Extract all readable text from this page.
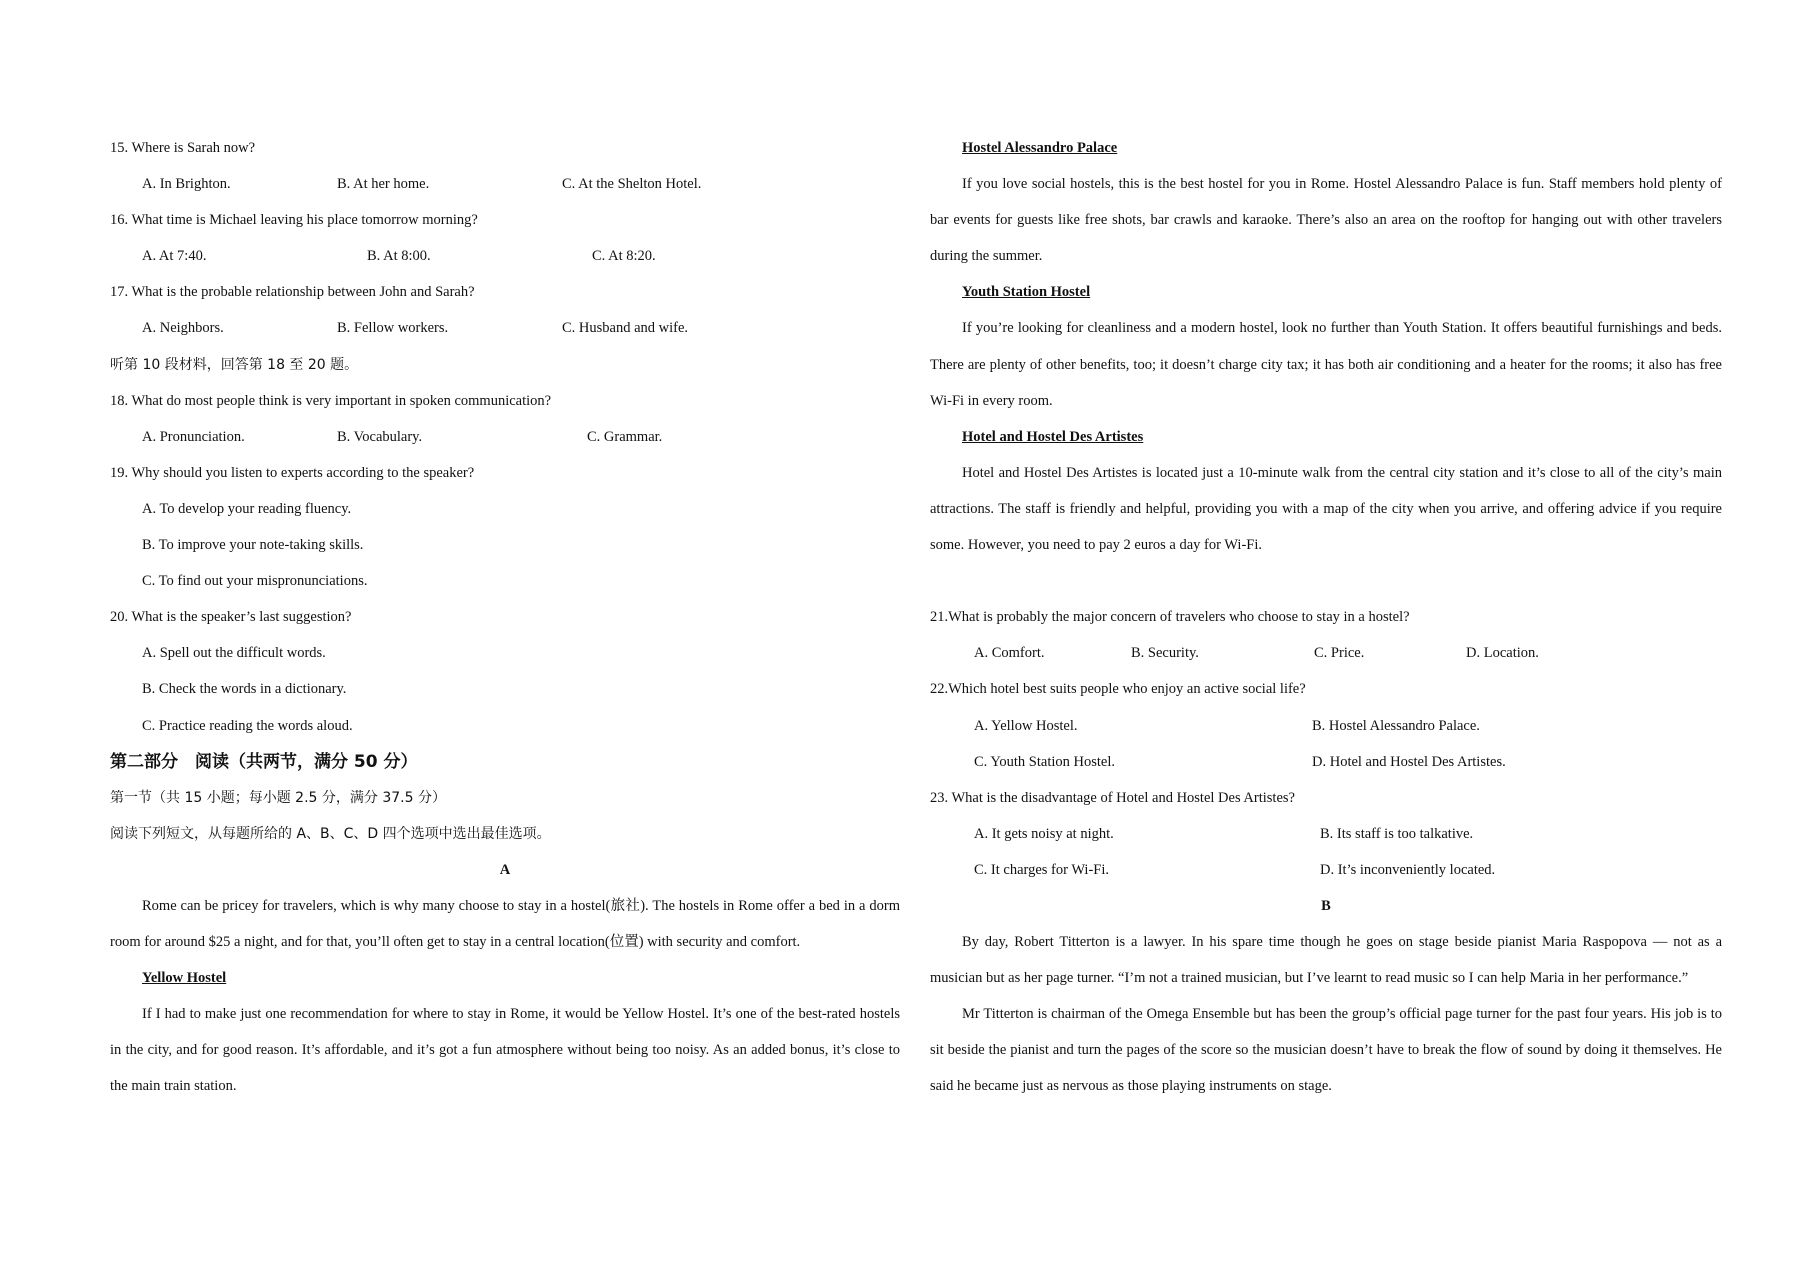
15. Where is Sarah now?
A. In Brighton.	B. At her home.	C. At the Shelton Hotel.
16. What time is Michael leaving his place tomorrow morning?
A. At 7:40.	B. At 8:00.	C. At 8:20.
17. What is the probable relationship between John and Sarah?
A. Neighbors.	B. Fellow workers.	C. Husband and wife.
听第 10 段材料，回答第 18 至 20 题。
18. What do most people think is very important in spoken communication?
A. Pronunciation.	B. Vocabulary.	C. Grammar.
19. Why should you listen to experts according to the speaker?
A. To develop your reading fluency.
B. To improve your note-taking skills.
C. To find out your mispronunciations.
20. What is the speaker’s last suggestion?
A. Spell out the difficult words.
B. Check the words in a dictionary.
C. Practice reading the words aloud.
第二部分　阅读（共两节，满分 50 分）
第一节（共 15 小题；每小题 2.5 分，满分 37.5 分）
阅读下列短文，从每题所给的 A、B、C、D 四个选项中选出最佳选项。
A

Rome can be pricey for travelers, which is why many choose to stay in a hostel(旅社). The hostels in Rome offer a bed in a dorm room for around $25 a night, and for that, you’ll often get to stay in a central location(位置) with security and comfort.

Yellow Hostel

If I had to make just one recommendation for where to stay in Rome, it would be Yellow Hostel. It’s one of the best-rated hostels in the city, and for good reason. It’s affordable, and it’s got a fun atmosphere without being too noisy. As an added bonus, it’s close to the main train station.

Hostel Alessandro Palace

If you love social hostels, this is the best hostel for you in Rome. Hostel Alessandro Palace is fun. Staff members hold plenty of bar events for guests like free shots, bar crawls and karaoke. There’s also an area on the rooftop for hanging out with other travelers during the summer.

Youth Station Hostel

If you’re looking for cleanliness and a modern hostel, look no further than Youth Station. It offers beautiful furnishings and beds. There are plenty of other benefits, too; it doesn’t charge city tax; it has both air conditioning and a heater for the rooms; it also has free Wi-Fi in every room.

Hotel and Hostel Des Artistes

Hotel and Hostel Des Artistes is located just a 10-minute walk from the central city station and it’s close to all of the city’s main attractions. The staff is friendly and helpful, providing you with a map of the city when you arrive, and offering advice if you require some. However, you need to pay 2 euros a day for Wi-Fi.

21.What is probably the major concern of travelers who choose to stay in a hostel?
A. Comfort.	B. Security.	C. Price.	D. Location.
22.Which hotel best suits people who enjoy an active social life?
A. Yellow Hostel.	B. Hostel Alessandro Palace.
C. Youth Station Hostel.	D. Hotel and Hostel Des Artistes.
23. What is the disadvantage of Hotel and Hostel Des Artistes?
A. It gets noisy at night.	B. Its staff is too talkative.
C. It charges for Wi-Fi.	D. It’s inconveniently located.
B

By day, Robert Titterton is a lawyer. In his spare time though he goes on stage beside pianist Maria Raspopova — not as a musician but as her page turner. “I’m not a trained musician, but I’ve learnt to read music so I can help Maria in her performance.”

Mr Titterton is chairman of the Omega Ensemble but has been the group’s official page turner for the past four years. His job is to sit beside the pianist and turn the pages of the score so the musician doesn’t have to break the flow of sound by doing it themselves. He said he became just as nervous as those playing instruments on stage.
